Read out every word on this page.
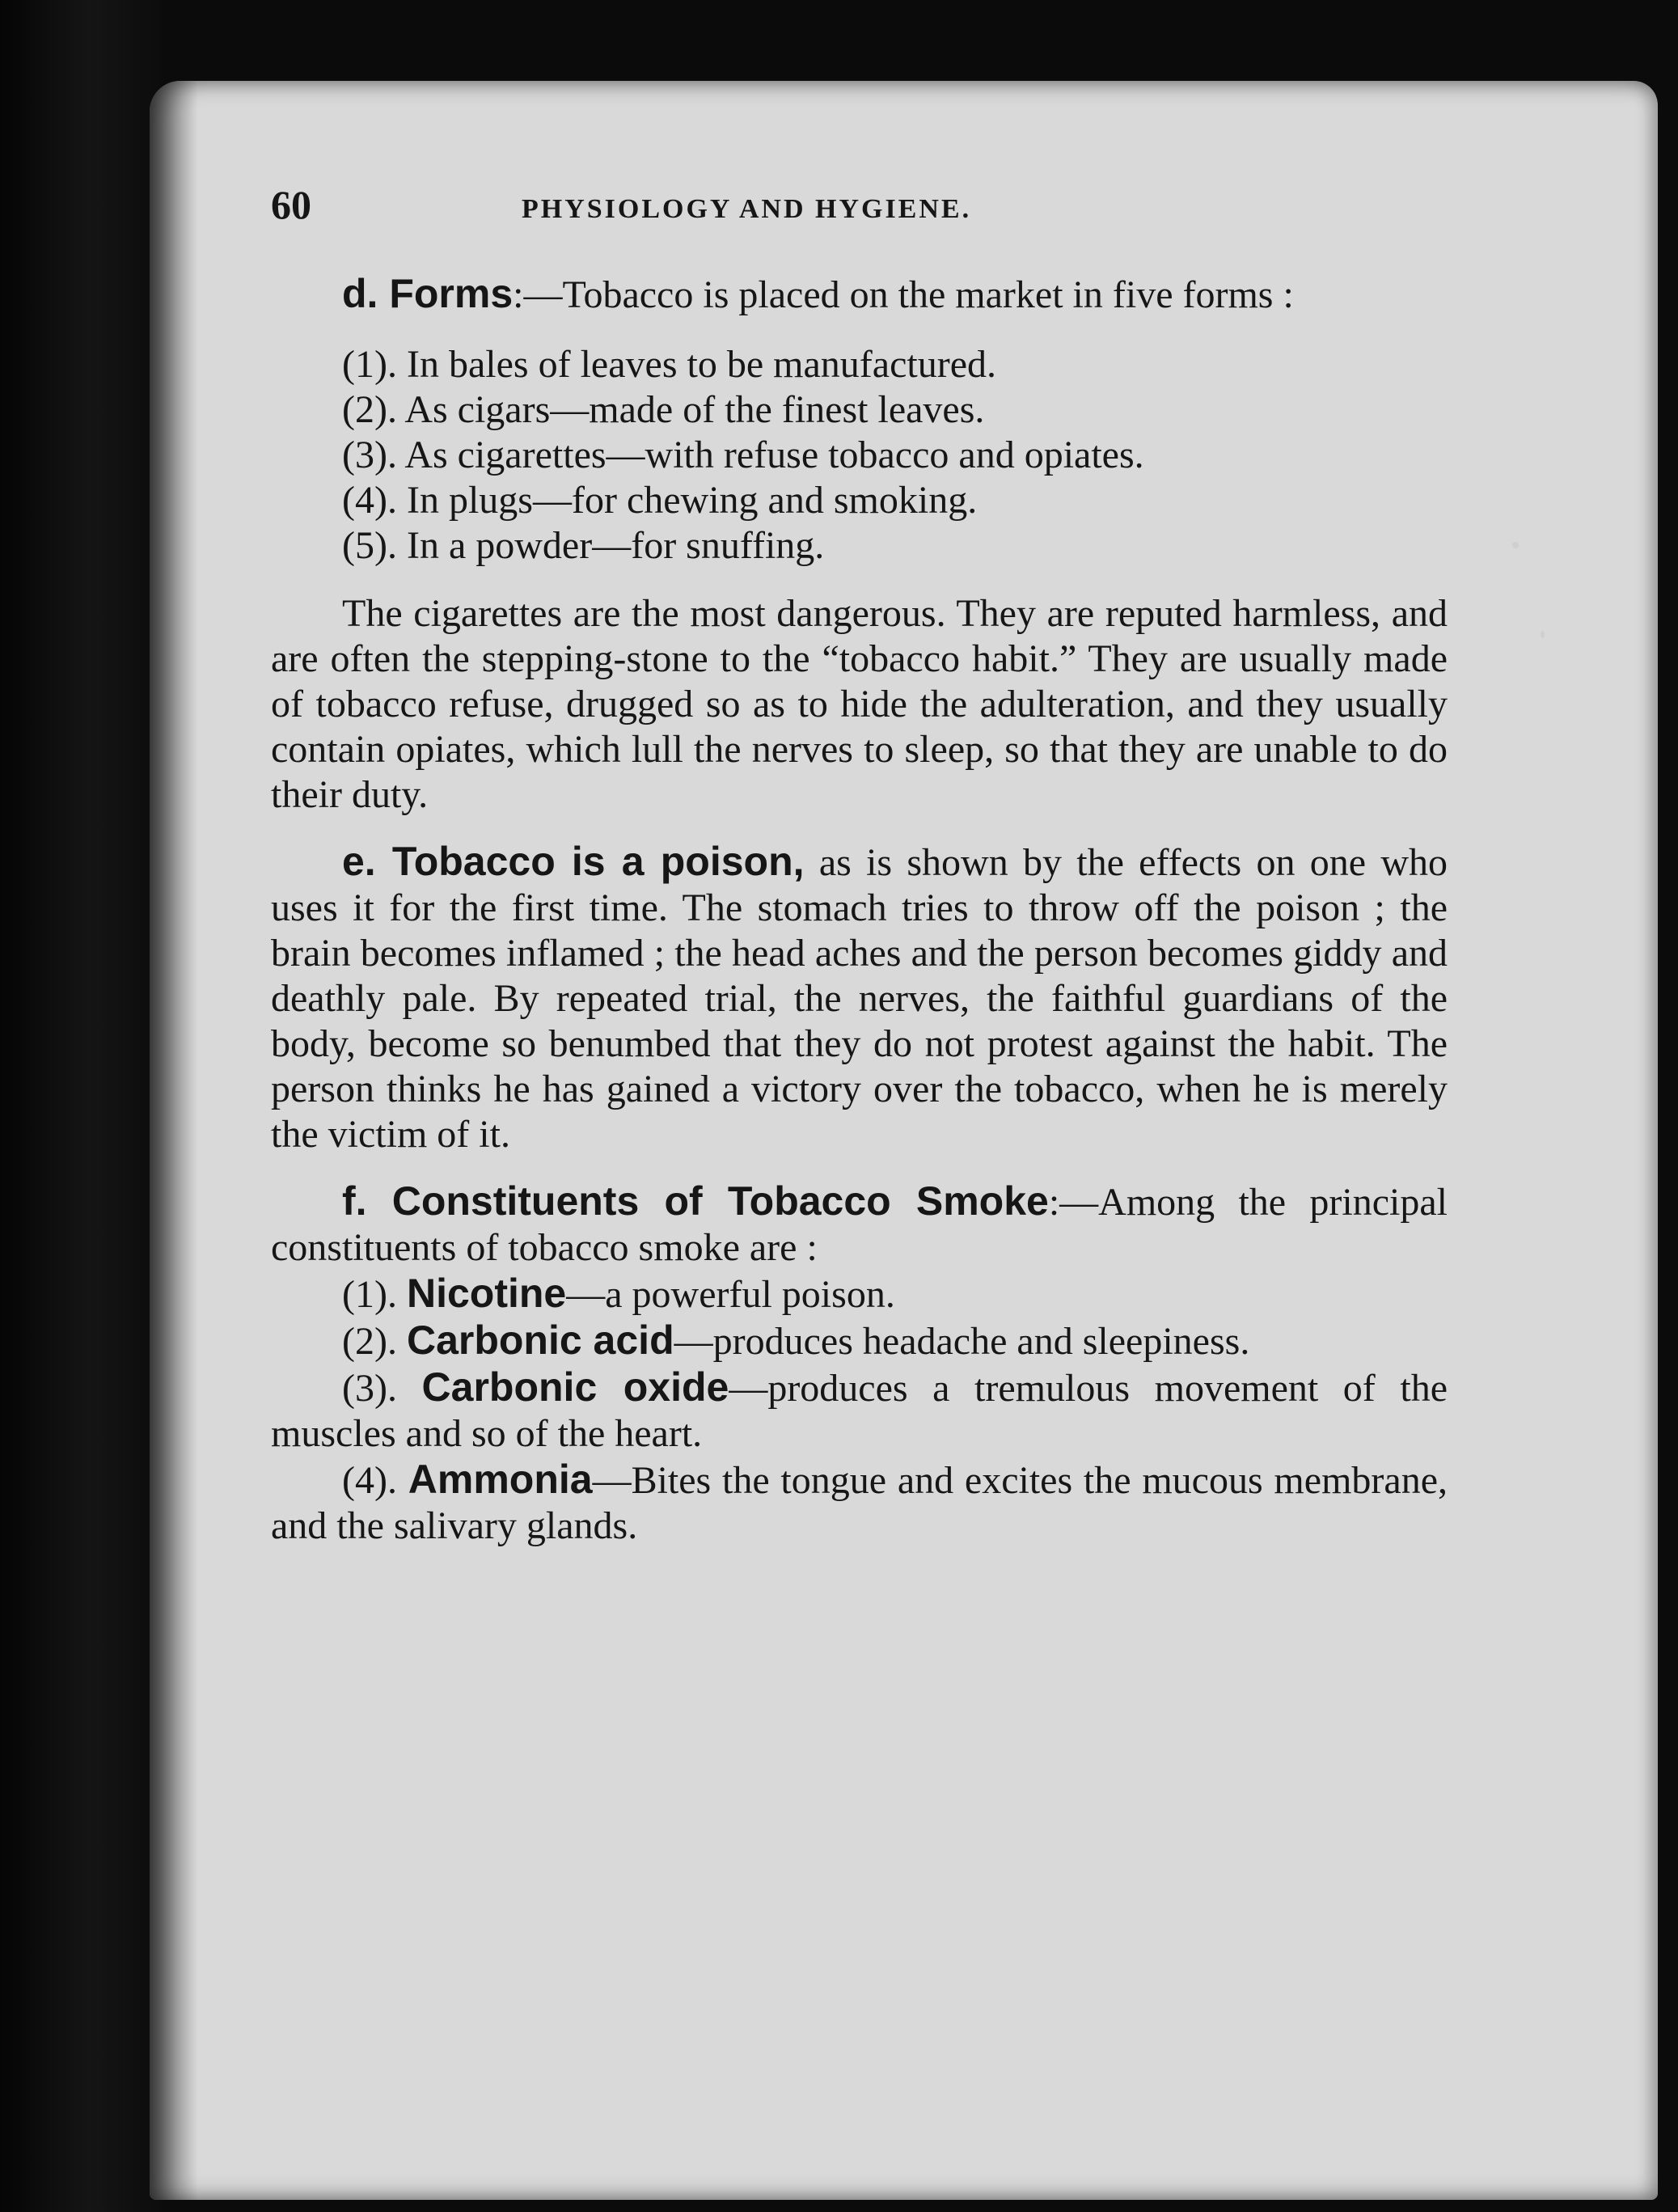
60	PHYSIOLOGY AND HYGIENE.

d. Forms:—Tobacco is placed on the market in five forms :

(1). In bales of leaves to be manufactured.
(2). As cigars—made of the finest leaves.
(3). As cigarettes—with refuse tobacco and opiates.
(4). In plugs—for chewing and smoking.
(5). In a powder—for snuffing.

The cigarettes are the most dangerous. They are reputed harmless, and are often the stepping-stone to the “tobacco habit.” They are usually made of tobacco refuse, drugged so as to hide the adulteration, and they usually contain opiates, which lull the nerves to sleep, so that they are unable to do their duty.

e. Tobacco is a poison, as is shown by the effects on one who uses it for the first time. The stomach tries to throw off the poison ; the brain becomes inflamed ; the head aches and the person becomes giddy and deathly pale. By repeated trial, the nerves, the faithful guardians of the body, become so benumbed that they do not protest against the habit. The person thinks he has gained a victory over the tobacco, when he is merely the victim of it.

f. Constituents of Tobacco Smoke:—Among the principal constituents of tobacco smoke are :

(1). Nicotine—a powerful poison.

(2). Carbonic acid—produces headache and sleepiness.

(3). Carbonic oxide—produces a tremulous movement of the muscles and so of the heart.

(4). Ammonia—Bites the tongue and excites the mucous membrane, and the salivary glands.
